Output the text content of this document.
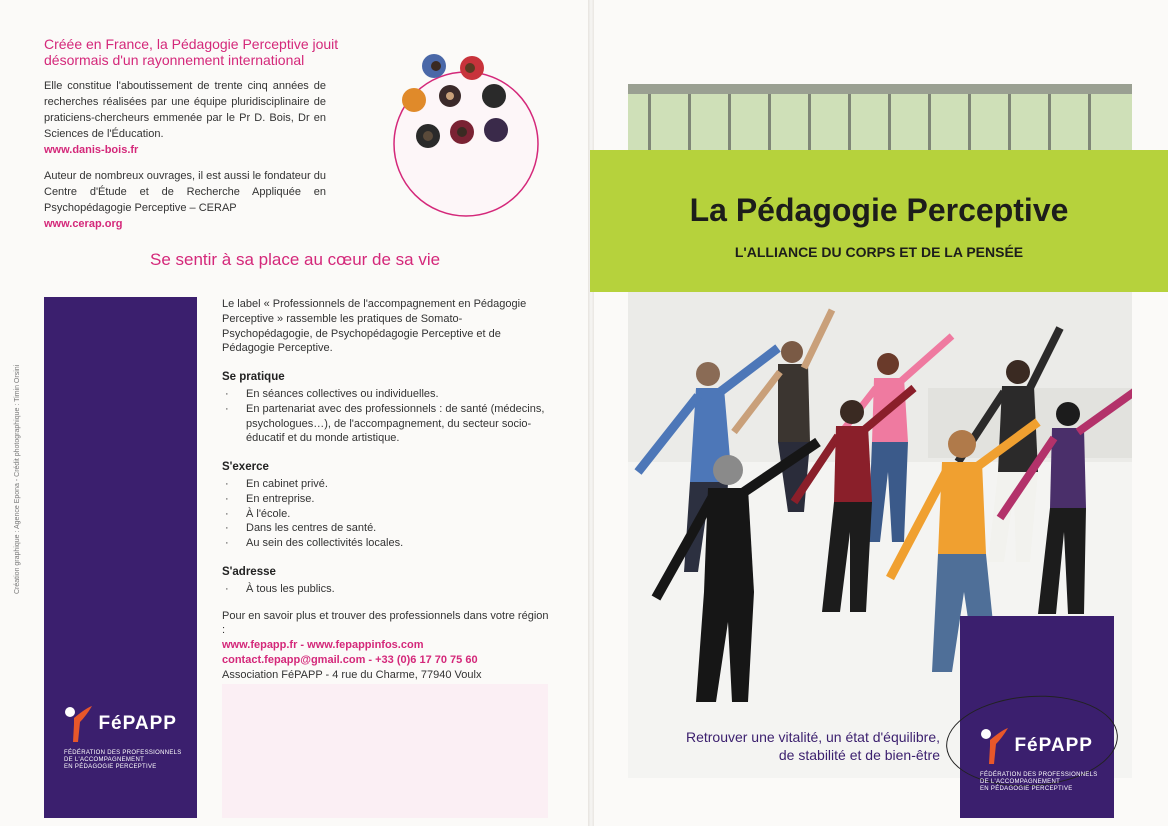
Créée en France, la Pédagogie Perceptive jouit désormais d'un rayonnement international
Elle constitue l'aboutissement de trente cinq années de recherches réalisées par une équipe pluridisciplinaire de praticiens-chercheurs emmenée par le Pr D. Bois, Dr en Sciences de l'Éducation.
www.danis-bois.fr
Auteur de nombreux ouvrages, il est aussi le fondateur du Centre d'Étude et de Recherche Appliquée en Psychopédagogie Perceptive – CERAP
www.cerap.org
Se sentir à sa place au cœur de sa vie
Création graphique : Agence Epona - Crédit photographique : Timin Orsini
FéPAPP
FÉDÉRATION DES PROFESSIONNELS
DE L'ACCOMPAGNEMENT
EN PÉDAGOGIE PERCEPTIVE

Le label « Professionnels de l'accompagnement en Pédagogie Perceptive » rassemble les pratiques de Somato-Psychopédagogie, de Psychopédagogie Perceptive et de Pédagogie Perceptive.

Se pratique
· En séances collectives ou individuelles.
· En partenariat avec des professionnels : de santé (médecins, psychologues…), de l'accompagnement, du secteur socio-éducatif et du monde artistique.
S'exerce
· En cabinet privé.
· En entreprise.
· À l'école.
· Dans les centres de santé.
· Au sein des collectivités locales.
S'adresse
· À tous les publics.
Pour en savoir plus et trouver des professionnels dans votre région :
www.fepapp.fr - www.fepappinfos.com
contact.fepapp@gmail.com - +33 (0)6 17 70 75 60
Association FéPAPP - 4 rue du Charme, 77940 Voulx
La Pédagogie Perceptive
L'ALLIANCE DU CORPS ET DE LA PENSÉE
Retrouver une vitalité, un état d'équilibre,
de stabilité et de bien-être	FéPAPP
FÉDÉRATION DES PROFESSIONNELS
DE L'ACCOMPAGNEMENT
EN PÉDAGOGIE PERCEPTIVE
